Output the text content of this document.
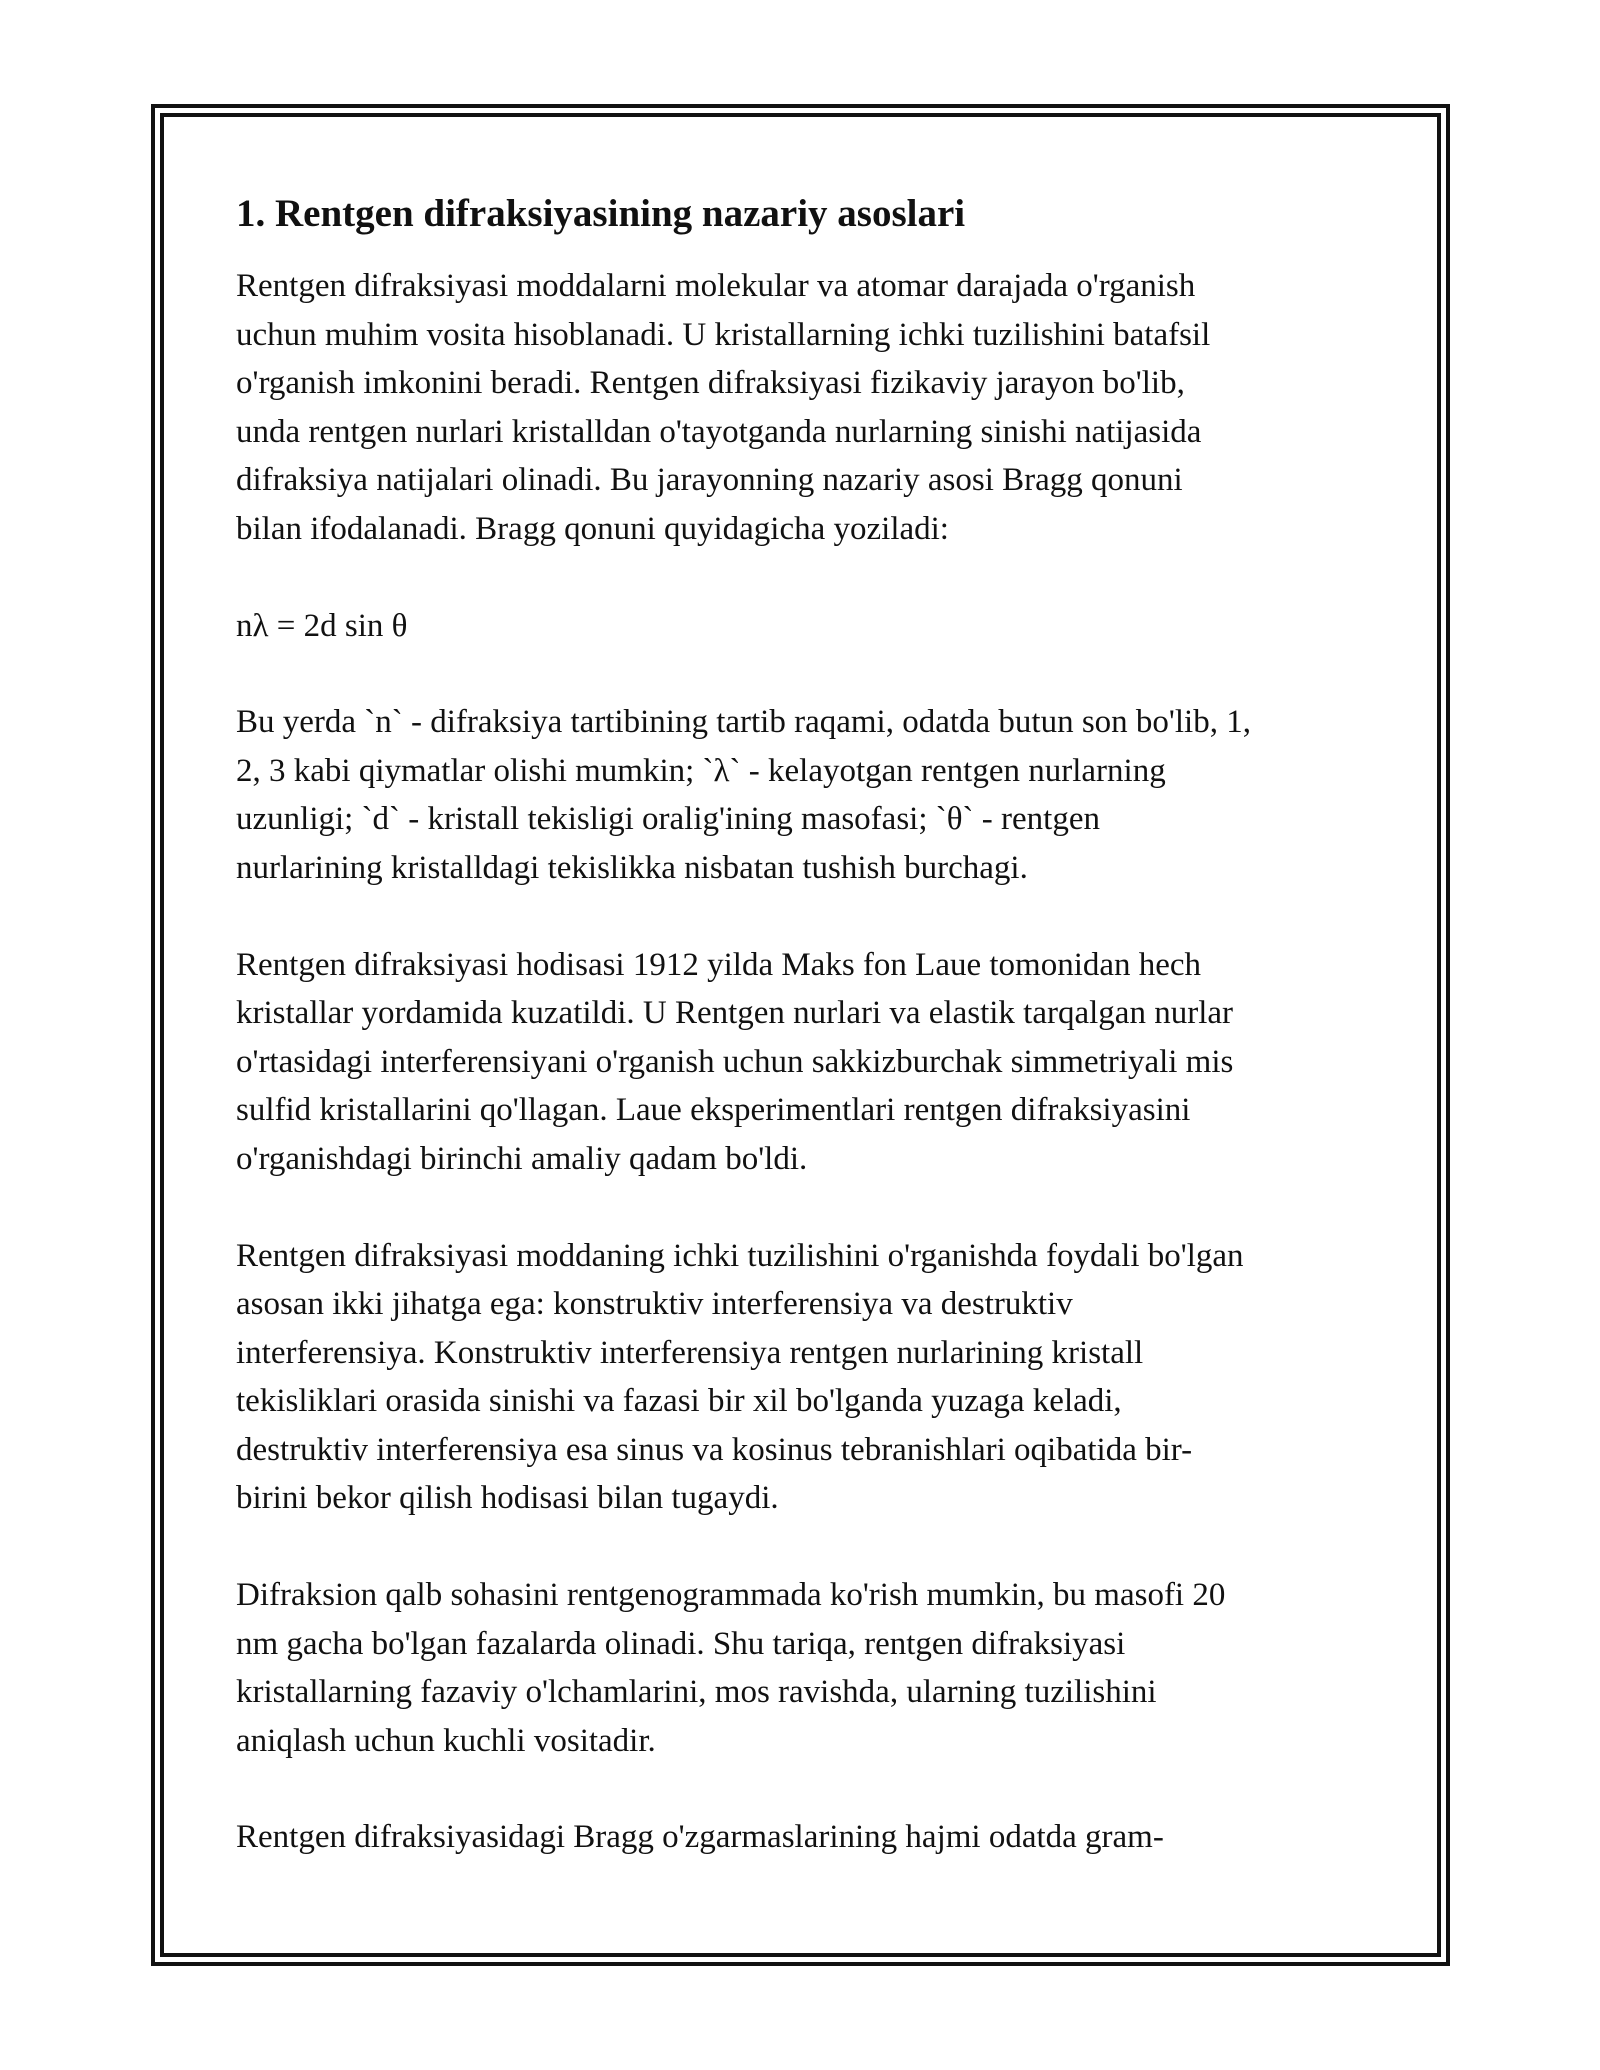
1. Rentgen difraksiyasining nazariy asoslari

Rentgen difraksiyasi moddalarni molekular va atomar darajada o'rganish
uchun muhim vosita hisoblanadi. U kristallarning ichki tuzilishini batafsil
o'rganish imkonini beradi. Rentgen difraksiyasi fizikaviy jarayon bo'lib,
unda rentgen nurlari kristalldan o'tayotganda nurlarning sinishi natijasida
difraksiya natijalari olinadi. Bu jarayonning nazariy asosi Bragg qonuni
bilan ifodalanadi. Bragg qonuni quyidagicha yoziladi:

nλ = 2d sin θ

Bu yerda `n` - difraksiya tartibining tartib raqami, odatda butun son bo'lib, 1,
2, 3 kabi qiymatlar olishi mumkin; `λ` - kelayotgan rentgen nurlarning
uzunligi; `d` - kristall tekisligi oralig'ining masofasi; `θ` - rentgen
nurlarining kristalldagi tekislikka nisbatan tushish burchagi.

Rentgen difraksiyasi hodisasi 1912 yilda Maks fon Laue tomonidan hech
kristallar yordamida kuzatildi. U Rentgen nurlari va elastik tarqalgan nurlar
o'rtasidagi interferensiyani o'rganish uchun sakkizburchak simmetriyali mis
sulfid kristallarini qo'llagan. Laue eksperimentlari rentgen difraksiyasini
o'rganishdagi birinchi amaliy qadam bo'ldi.

Rentgen difraksiyasi moddaning ichki tuzilishini o'rganishda foydali bo'lgan
asosan ikki jihatga ega: konstruktiv interferensiya va destruktiv
interferensiya. Konstruktiv interferensiya rentgen nurlarining kristall
tekisliklari orasida sinishi va fazasi bir xil bo'lganda yuzaga keladi,
destruktiv interferensiya esa sinus va kosinus tebranishlari oqibatida bir-
birini bekor qilish hodisasi bilan tugaydi.

Difraksion qalb sohasini rentgenogrammada ko'rish mumkin, bu masofi 20
nm gacha bo'lgan fazalarda olinadi. Shu tariqa, rentgen difraksiyasi
kristallarning fazaviy o'lchamlarini, mos ravishda, ularning tuzilishini
aniqlash uchun kuchli vositadir.

Rentgen difraksiyasidagi Bragg o'zgarmaslarining hajmi odatda gram-
